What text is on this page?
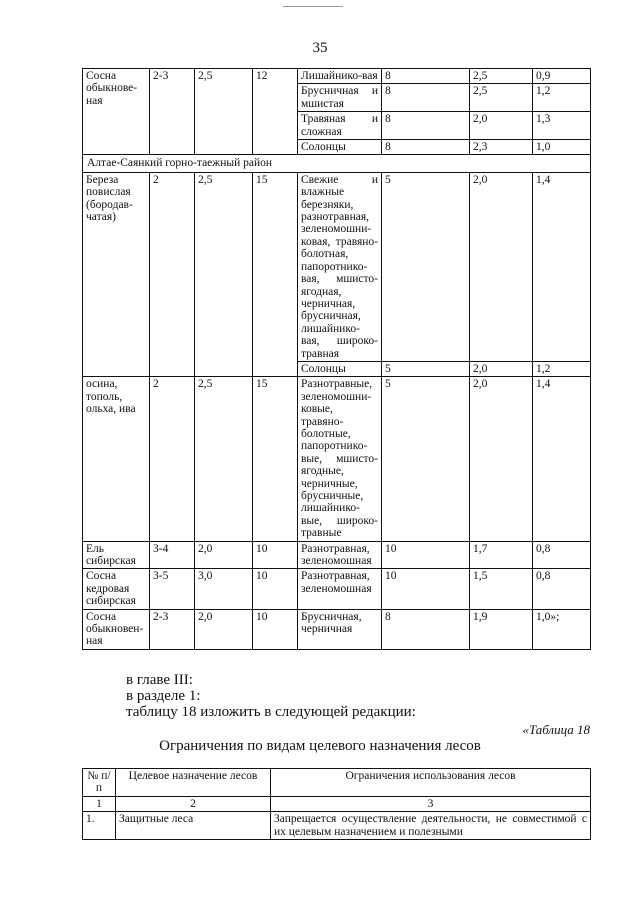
35
Сосна обыкнове-ная	2-3	2,5	12	Лишайнико-вая	8	2,5	0,9
				Брусничная и мшистая	8	2,5	1,2
				Травяная и сложная	8	2,0	1,3
				Солонцы	8	2,3	1,0
Алтае-Саянкий горно-таежный район							
Береза повислая (бородав-чатая)	2	2,5	15	Свежие и влажные березняки, разнотравная, зеленомошни-ковая, травяно-болотная, папоротнико-вая, мшисто-ягодная, черничная, брусничная, лишайнико-вая, широко-травная	5	2,0	1,4
				Солонцы	5	2,0	1,2
осина, тополь, ольха, ива	2	2,5	15	Разнотравные, зеленомошни-ковые, травяно-болотные, папоротнико-вые, мшисто-ягодные, черничные, брусничные, лишайнико-вые, широко-травные	5	2,0	1,4
Ель сибирская	3-4	2,0	10	Разнотравная, зеленомошная	10	1,7	0,8
Сосна кедровая сибирская	3-5	3,0	10	Разнотравная, зеленомошная	10	1,5	0,8
Сосна обыкновен-ная	2-3	2,0	10	Брусничная, черничная	8	1,9	1,0»;
в главе III:
в разделе 1:
таблицу 18 изложить в следующей редакции:
«Таблица 18
Ограничения по видам целевого назначения лесов
№ п/п	Целевое назначение лесов	Ограничения использования лесов
1	2	3
1.	Защитные леса	Запрещается осуществление деятельности, не совместимой с их целевым назначением и полезными
